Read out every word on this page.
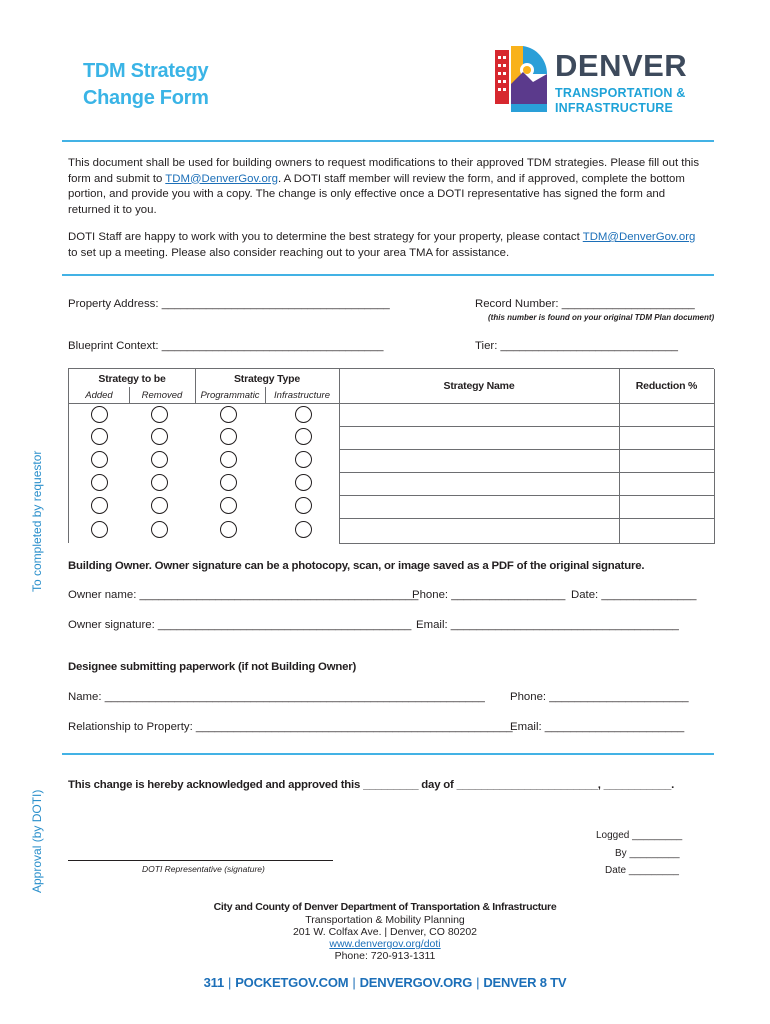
TDM Strategy
Change Form
DENVER
TRANSPORTATION &
INFRASTRUCTURE
This document shall be used for building owners to request modifications to their approved TDM strategies. Please fill out this form and submit to TDM@DenverGov.org. A DOTI staff member will review the form, and if approved, complete the bottom portion, and provide you with a copy. The change is only effective once a DOTI representative has signed the form and returned it to you.
DOTI Staff are happy to work with you to determine the best strategy for your property, please contact TDM@DenverGov.org to set up a meeting. Please also consider reaching out to your area TMA for assistance.
To completed by requestor
Approval (by DOTI)
Property Address: ____________________________________	Record Number: _____________________
(this number is found on your original TDM Plan document)
Blueprint Context: ___________________________________	Tier: ____________________________
Strategy to be	Strategy Type
Added	Removed	Programmatic	Infrastructure
Strategy Name	Reduction %
Building Owner. Owner signature can be a photocopy, scan, or image saved as a PDF of the original signature.
Owner name: ____________________________________________
Phone: __________________ Date: _______________
Owner signature: ________________________________________ Email: ____________________________________
Designee submitting paperwork (if not Building Owner)
Name: ____________________________________________________________ Phone: ______________________
Relationship to Property: __________________________________________________
Email: ______________________
This change is hereby acknowledged and approved this _________ day of _______________________, ___________.
Logged _________
By _________
Date _________
DOTI Representative (signature)
City and County of Denver Department of Transportation & Infrastructure
Transportation & Mobility Planning
201 W. Colfax Ave. | Denver, CO 80202
www.denvergov.org/doti
Phone: 720-913-1311
311 | POCKETGOV.COM | DENVERGOV.ORG | DENVER 8 TV
